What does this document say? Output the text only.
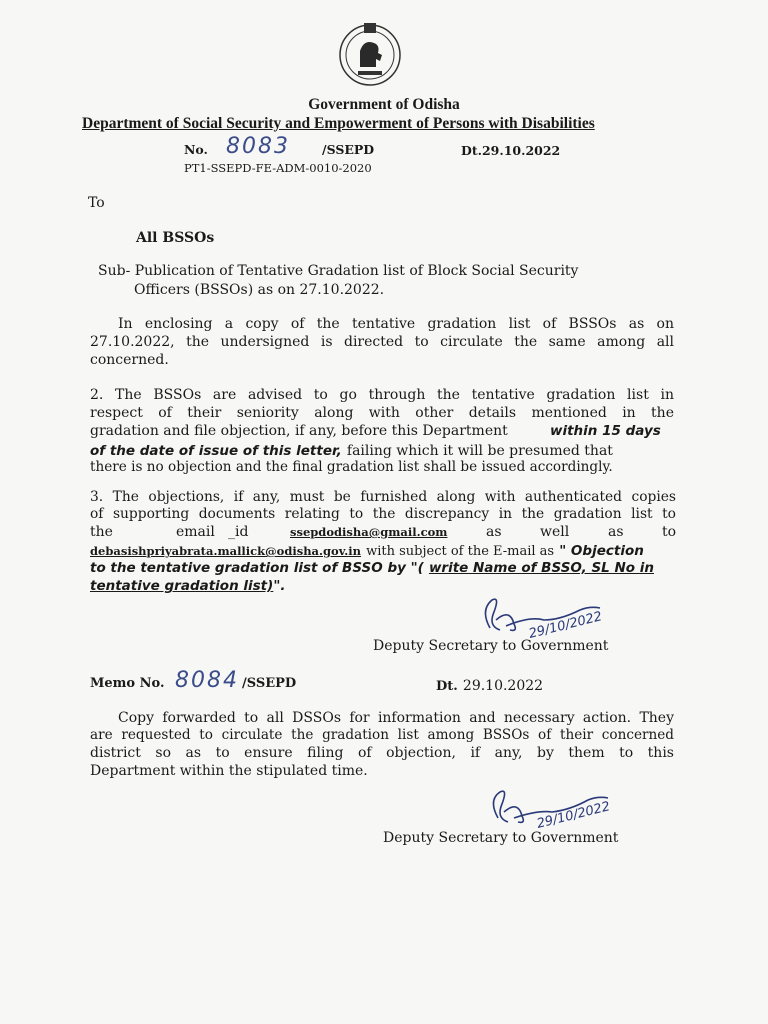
Government of Odisha
Department of Social Security and Empowerment of Persons with Disabilities
No. 8083	/SSEPD	Dt.29.10.2022
PT1-SSEPD-FE-ADM-0010-2020
To
All BSSOs
Sub- Publication of Tentative Gradation list of Block Social Security
Officers (BSSOs) as on 27.10.2022.
In enclosing a copy of the tentative gradation list of BSSOs as on
27.10.2022, the undersigned is directed to circulate the same among all
concerned.
2. The BSSOs are advised to go through the tentative gradation list in
respect of their seniority along with other details mentioned in the
gradation and file objection, if any, before this Department	within 15 days
of the date of issue of this letter, failing which it will be presumed that
there is no objection and the final gradation list shall be issued accordingly.
3. The objections, if any, must be furnished along with authenticated copies
of supporting documents relating to the discrepancy in the gradation list to
the	email _id	ssepdodisha@gmail.com	as	well	as	to
debasishpriyabrata.mallick@odisha.gov.in with subject of the E-mail as " Objection
to the tentative gradation list of BSSO by "( write Name of BSSO, SL No in
tentative gradation list)".
29/10/2022
Deputy Secretary to Government
Memo No. 8084 /SSEPD	Dt. 29.10.2022
Copy forwarded to all DSSOs for information and necessary action. They
are requested to circulate the gradation list among BSSOs of their concerned
district so as to ensure filing of objection, if any, by them to this
Department within the stipulated time.
29/10/2022
Deputy Secretary to Government
